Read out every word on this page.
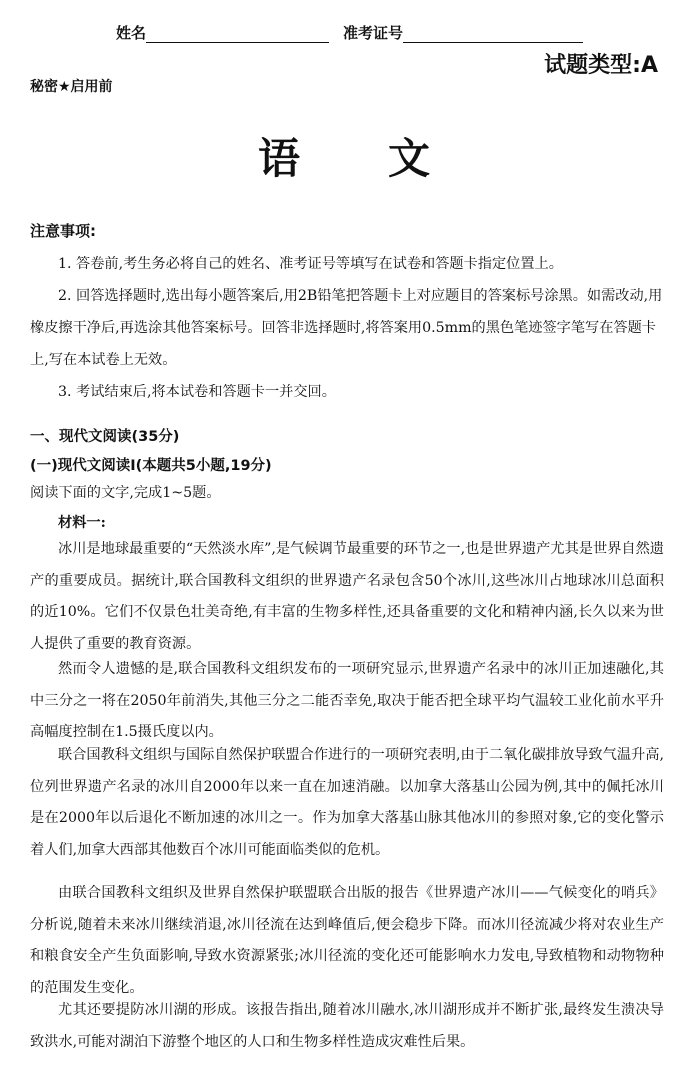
姓名	准考证号
试题类型:A
秘密★启用前
语文
注意事项:
1. 答卷前,考生务必将自己的姓名、准考证号等填写在试卷和答题卡指定位置上。
2. 回答选择题时,选出每小题答案后,用2B铅笔把答题卡上对应题目的答案标号涂黑。如需改动,用橡皮擦干净后,再选涂其他答案标号。回答非选择题时,将答案用0.5mm的黑色笔迹签字笔写在答题卡上,写在本试卷上无效。
3. 考试结束后,将本试卷和答题卡一并交回。
一、现代文阅读(35分)
(一)现代文阅读Ⅰ(本题共5小题,19分)
阅读下面的文字,完成1~5题。
材料一:
冰川是地球最重要的“天然淡水库”,是气候调节最重要的环节之一,也是世界遗产尤其是世界自然遗产的重要成员。据统计,联合国教科文组织的世界遗产名录包含50个冰川,这些冰川占地球冰川总面积的近10%。它们不仅景色壮美奇绝,有丰富的生物多样性,还具备重要的文化和精神内涵,长久以来为世人提供了重要的教育资源。
然而令人遗憾的是,联合国教科文组织发布的一项研究显示,世界遗产名录中的冰川正加速融化,其中三分之一将在2050年前消失,其他三分之二能否幸免,取决于能否把全球平均气温较工业化前水平升高幅度控制在1.5摄氏度以内。
联合国教科文组织与国际自然保护联盟合作进行的一项研究表明,由于二氧化碳排放导致气温升高,位列世界遗产名录的冰川自2000年以来一直在加速消融。以加拿大落基山公园为例,其中的佩托冰川是在2000年以后退化不断加速的冰川之一。作为加拿大落基山脉其他冰川的参照对象,它的变化警示着人们,加拿大西部其他数百个冰川可能面临类似的危机。
由联合国教科文组织及世界自然保护联盟联合出版的报告《世界遗产冰川——气候变化的哨兵》分析说,随着未来冰川继续消退,冰川径流在达到峰值后,便会稳步下降。而冰川径流减少将对农业生产和粮食安全产生负面影响,导致水资源紧张;冰川径流的变化还可能影响水力发电,导致植物和动物物种的范围发生变化。
尤其还要提防冰川湖的形成。该报告指出,随着冰川融水,冰川湖形成并不断扩张,最终发生溃决导致洪水,可能对湖泊下游整个地区的人口和生物多样性造成灾难性后果。
